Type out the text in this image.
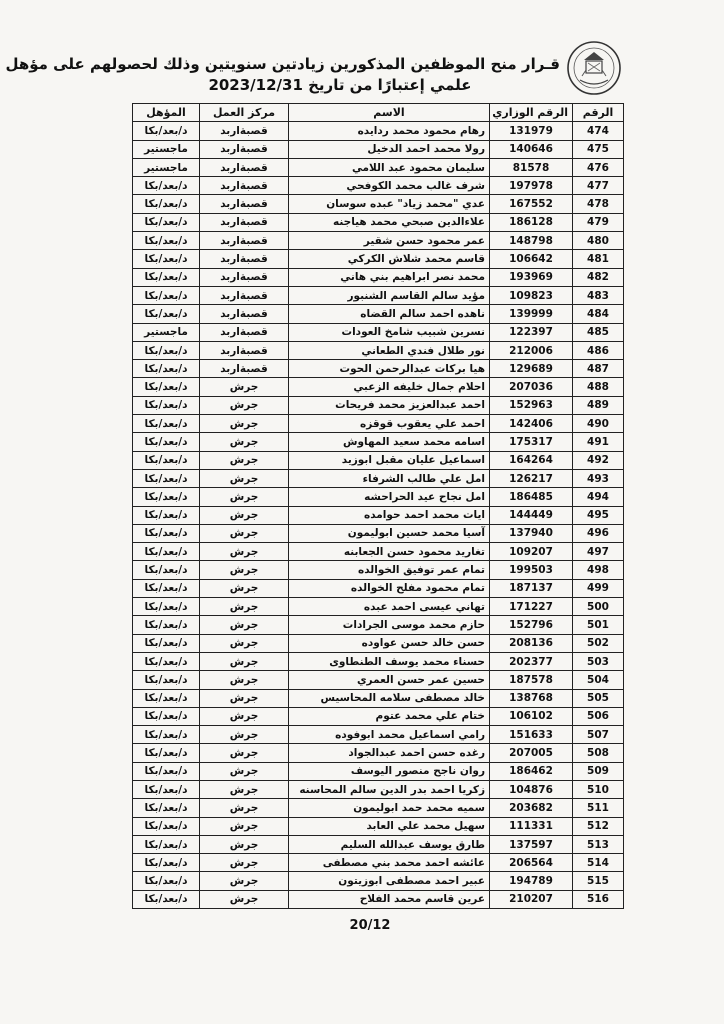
قـرار منح الموظفين المذكورين زيادتين سنويتين وذلك لحصولهم على مؤهل
علمي إعتبارًا من تاريخ 2023/12/31
الرقم	الرقم الوزاري	الاسم	مركز العمل	المؤهل
474	131979	رهام محمود محمد ردايده	قصبةاربد	د/بعد/بكا
475	140646	رولا محمد احمد الدخيل	قصبةاربد	ماجستير
476	81578	سليمان محمود عبد اللامي	قصبةاربد	ماجستير
477	197978	شرف غالب محمد الكوفحي	قصبةاربد	د/بعد/بكا
478	167552	عدي "محمد زياد" عبده سوسان	قصبةاربد	د/بعد/بكا
479	186128	علاءالدين صبحي محمد هياجنه	قصبةاربد	د/بعد/بكا
480	148798	عمر محمود حسن شقير	قصبةاربد	د/بعد/بكا
481	106642	قاسم محمد شلاش الكركي	قصبةاربد	د/بعد/بكا
482	193969	محمد نصر ابراهيم بني هاني	قصبةاربد	د/بعد/بكا
483	109823	مؤيد سالم القاسم الشنبور	قصبةاربد	د/بعد/بكا
484	139999	ناهده احمد سالم القضاه	قصبةاربد	د/بعد/بكا
485	122397	نسرين شبيب شامخ العودات	قصبةاربد	ماجستير
486	212006	نور طلال فندي الطعاني	قصبةاربد	د/بعد/بكا
487	129689	هيا بركات عبدالرحمن الحوت	قصبةاربد	د/بعد/بكا
488	207036	احلام جمال خليفه الزعبي	جرش	د/بعد/بكا
489	152963	احمد عبدالعزيز محمد فريحات	جرش	د/بعد/بكا
490	142406	احمد علي يعقوب قوقزه	جرش	د/بعد/بكا
491	175317	اسامه محمد سعيد المهاوش	جرش	د/بعد/بكا
492	164264	اسماعيل عليان مقبل ابوزيد	جرش	د/بعد/بكا
493	126217	امل علي طالب الشرفاء	جرش	د/بعد/بكا
494	186485	امل نجاح عيد الحراحشه	جرش	د/بعد/بكا
495	144449	ايات محمد احمد حوامده	جرش	د/بعد/بكا
496	137940	آسيا محمد حسين ابوليمون	جرش	د/بعد/بكا
497	109207	تغاريد محمود حسن الجعابنه	جرش	د/بعد/بكا
498	199503	تمام عمر توفيق الخوالده	جرش	د/بعد/بكا
499	187137	تمام محمود مفلح الخوالده	جرش	د/بعد/بكا
500	171227	تهاني عيسى احمد عبده	جرش	د/بعد/بكا
501	152796	حازم محمد موسى الجرادات	جرش	د/بعد/بكا
502	208136	حسن خالد حسن عواوده	جرش	د/بعد/بكا
503	202377	حسناء محمد يوسف الطنطاوى	جرش	د/بعد/بكا
504	187578	حسين عمر حسن العمري	جرش	د/بعد/بكا
505	138768	خالد مصطفى سلامه المحاسيس	جرش	د/بعد/بكا
506	106102	ختام علي محمد عتوم	جرش	د/بعد/بكا
507	151633	رامي اسماعيل محمد ابوفوده	جرش	د/بعد/بكا
508	207005	رغده حسن احمد عبدالجواد	جرش	د/بعد/بكا
509	186462	روان ناجح منصور اليوسف	جرش	د/بعد/بكا
510	104876	زكريا احمد بدر الدين سالم المحاسنه	جرش	د/بعد/بكا
511	203682	سميه محمد حمد ابوليمون	جرش	د/بعد/بكا
512	111331	سهيل محمد علي العابد	جرش	د/بعد/بكا
513	137597	طارق يوسف عبدالله السليم	جرش	د/بعد/بكا
514	206564	عائشه احمد محمد بني مصطفى	جرش	د/بعد/بكا
515	194789	عبير احمد مصطفى ابوزيتون	جرش	د/بعد/بكا
516	210207	عرين قاسم محمد الفلاح	جرش	د/بعد/بكا
20/12
